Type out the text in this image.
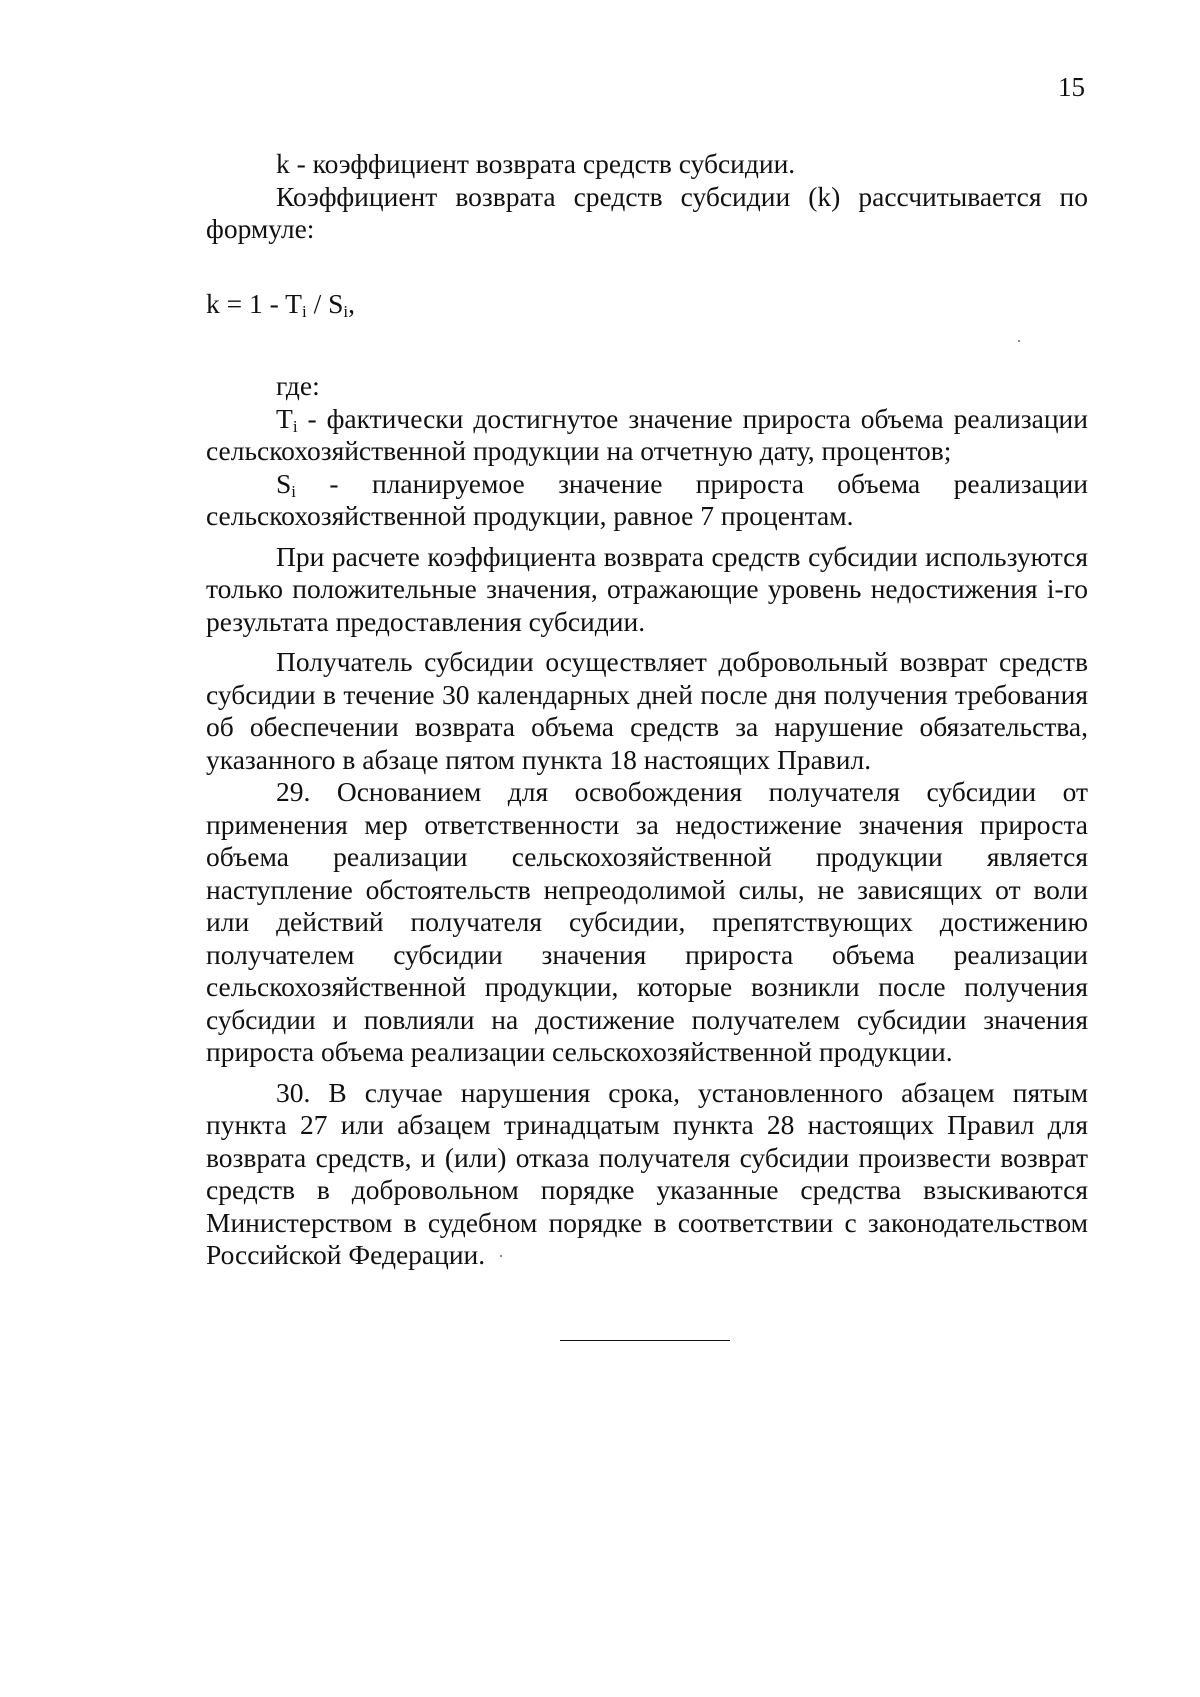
15

k - коэффициент возврата средств субсидии.

Коэффициент возврата средств субсидии (k) рассчитывается по формуле:

$k = 1 - T_i / S_i$,

где:

$T_i$ - фактически достигнутое значение прироста объема реализации сельскохозяйственной продукции на отчетную дату, процентов;

$S_i$ - планируемое значение прироста объема реализации сельскохозяйственной продукции, равное 7 процентам.

При расчете коэффициента возврата средств субсидии используются только положительные значения, отражающие уровень недостижения i-го результата предоставления субсидии.

Получатель субсидии осуществляет добровольный возврат средств субсидии в течение 30 календарных дней после дня получения требования об обеспечении возврата объема средств за нарушение обязательства, указанного в абзаце пятом пункта 18 настоящих Правил.

29. Основанием для освобождения получателя субсидии от применения мер ответственности за недостижение значения прироста объема реализации сельскохозяйственной продукции является наступление обстоятельств непреодолимой силы, не зависящих от воли или действий получателя субсидии, препятствующих достижению получателем субсидии значения прироста объема реализации сельскохозяйственной продукции, которые возникли после получения субсидии и повлияли на достижение получателем субсидии значения прироста объема реализации сельскохозяйственной продукции.

30. В случае нарушения срока, установленного абзацем пятым пункта 27 или абзацем тринадцатым пункта 28 настоящих Правил для возврата средств, и (или) отказа получателя субсидии произвести возврат средств в добровольном порядке указанные средства взыскиваются Министерством в судебном порядке в соответствии с законодательством Российской Федерации.
